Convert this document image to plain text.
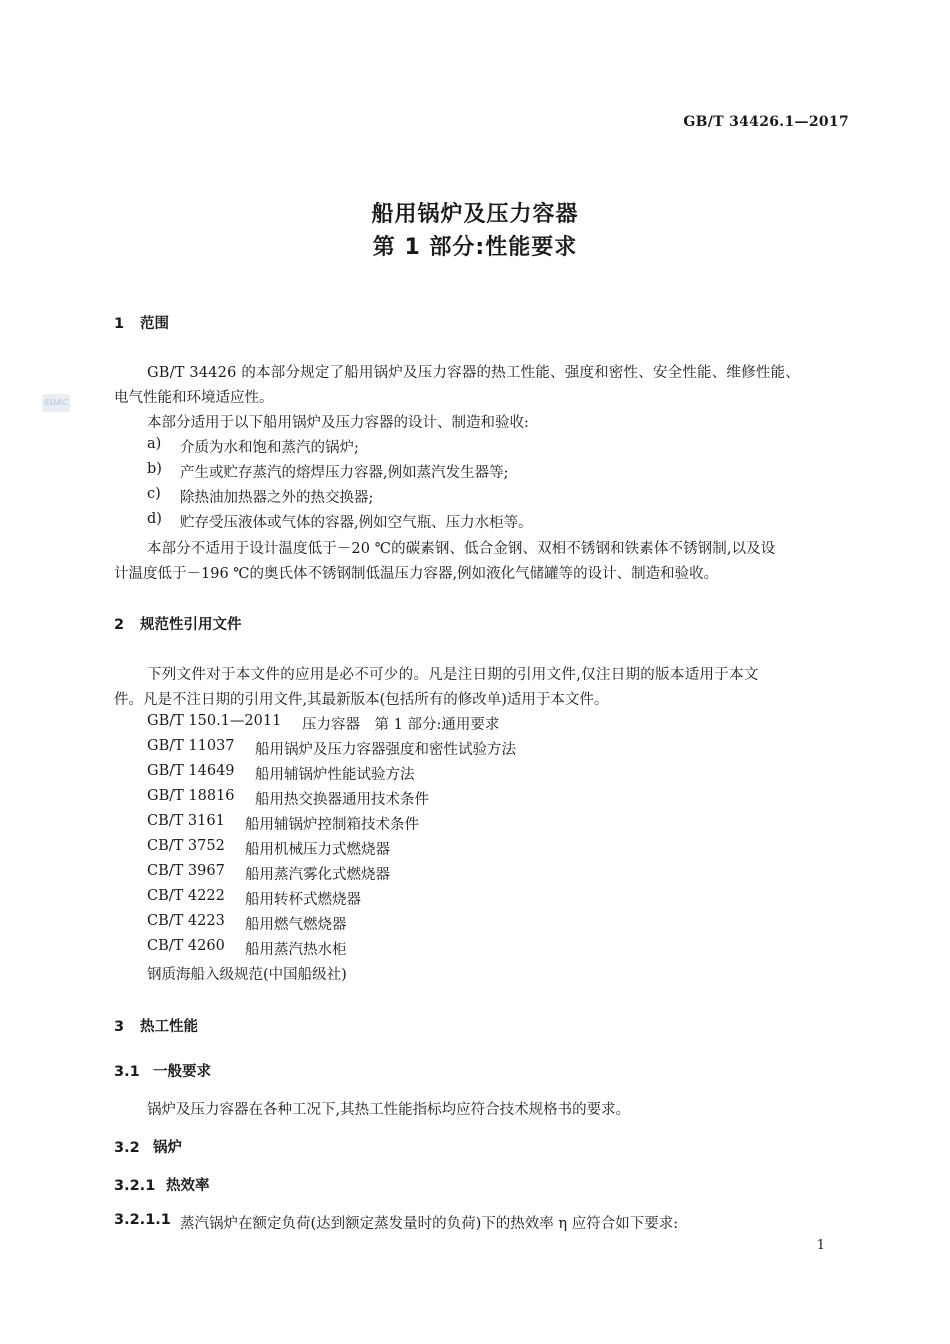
GB/T 34426.1—2017
船用锅炉及压力容器
第 1 部分:性能要求
SDAC
1 范围
GB/T 34426 的本部分规定了船用锅炉及压力容器的热工性能、强度和密性、安全性能、维修性能、
电气性能和环境适应性。
本部分适用于以下船用锅炉及压力容器的设计、制造和验收:
a) 介质为水和饱和蒸汽的锅炉;
b) 产生或贮存蒸汽的熔焊压力容器,例如蒸汽发生器等;
c) 除热油加热器之外的热交换器;
d) 贮存受压液体或气体的容器,例如空气瓶、压力水柜等。
本部分不适用于设计温度低于－20 ℃的碳素钢、低合金钢、双相不锈钢和铁素体不锈钢制,以及设
计温度低于－196 ℃的奥氏体不锈钢制低温压力容器,例如液化气储罐等的设计、制造和验收。
2 规范性引用文件
下列文件对于本文件的应用是必不可少的。凡是注日期的引用文件,仅注日期的版本适用于本文
件。凡是不注日期的引用文件,其最新版本(包括所有的修改单)适用于本文件。
GB/T 150.1—2011 压力容器　第 1 部分:通用要求
GB/T 11037 船用锅炉及压力容器强度和密性试验方法
GB/T 14649 船用辅锅炉性能试验方法
GB/T 18816 船用热交换器通用技术条件
CB/T 3161 船用辅锅炉控制箱技术条件
CB/T 3752 船用机械压力式燃烧器
CB/T 3967 船用蒸汽雾化式燃烧器
CB/T 4222 船用转杯式燃烧器
CB/T 4223 船用燃气燃烧器
CB/T 4260 船用蒸汽热水柜
钢质海船入级规范(中国船级社)
3 热工性能
3.1 一般要求
锅炉及压力容器在各种工况下,其热工性能指标均应符合技术规格书的要求。
3.2 锅炉
3.2.1 热效率
3.2.1.1 蒸汽锅炉在额定负荷(达到额定蒸发量时的负荷)下的热效率 η 应符合如下要求:
1
